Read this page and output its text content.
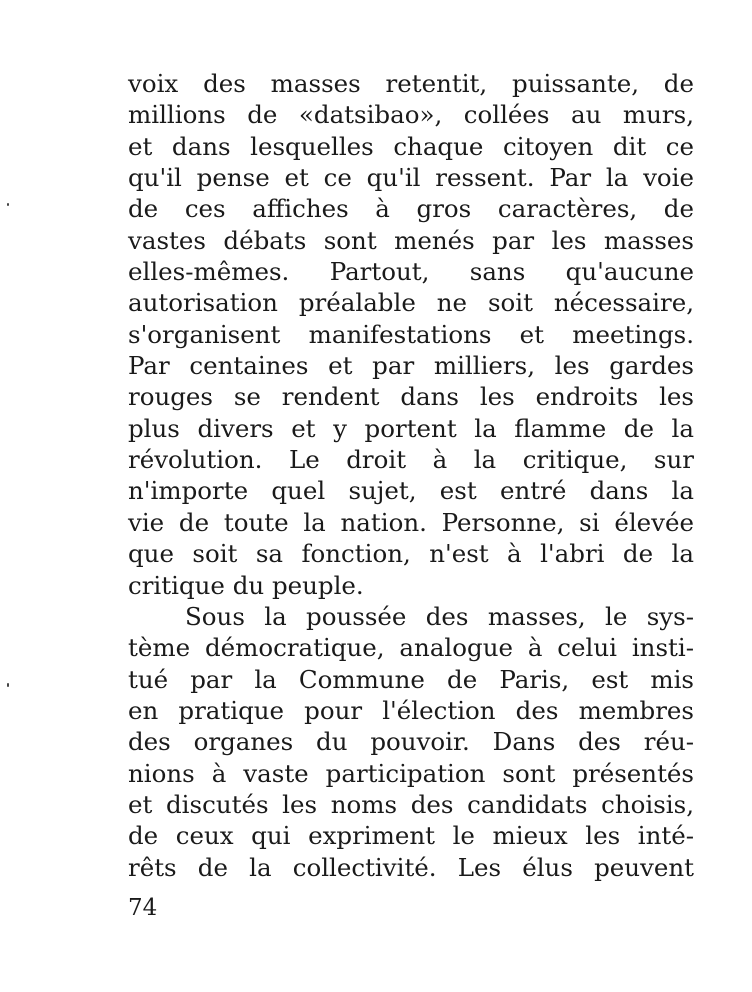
voix des masses retentit, puissante, de
millions de «datsibao», collées au murs,
et dans lesquelles chaque citoyen dit ce
qu'il pense et ce qu'il ressent. Par la voie
de ces affiches à gros caractères, de
vastes débats sont menés par les masses
elles-mêmes. Partout, sans qu'aucune
autorisation préalable ne soit nécessaire,
s'organisent manifestations et meetings.
Par centaines et par milliers, les gardes
rouges se rendent dans les endroits les
plus divers et y portent la flamme de la
révolution. Le droit à la critique, sur
n'importe quel sujet, est entré dans la
vie de toute la nation. Personne, si élevée
que soit sa fonction, n'est à l'abri de la
critique du peuple.
Sous la poussée des masses, le sys-
tème démocratique, analogue à celui insti-
tué par la Commune de Paris, est mis
en pratique pour l'élection des membres
des organes du pouvoir. Dans des réu-
nions à vaste participation sont présentés
et discutés les noms des candidats choisis,
de ceux qui expriment le mieux les inté-
rêts de la collectivité. Les élus peuvent
74
